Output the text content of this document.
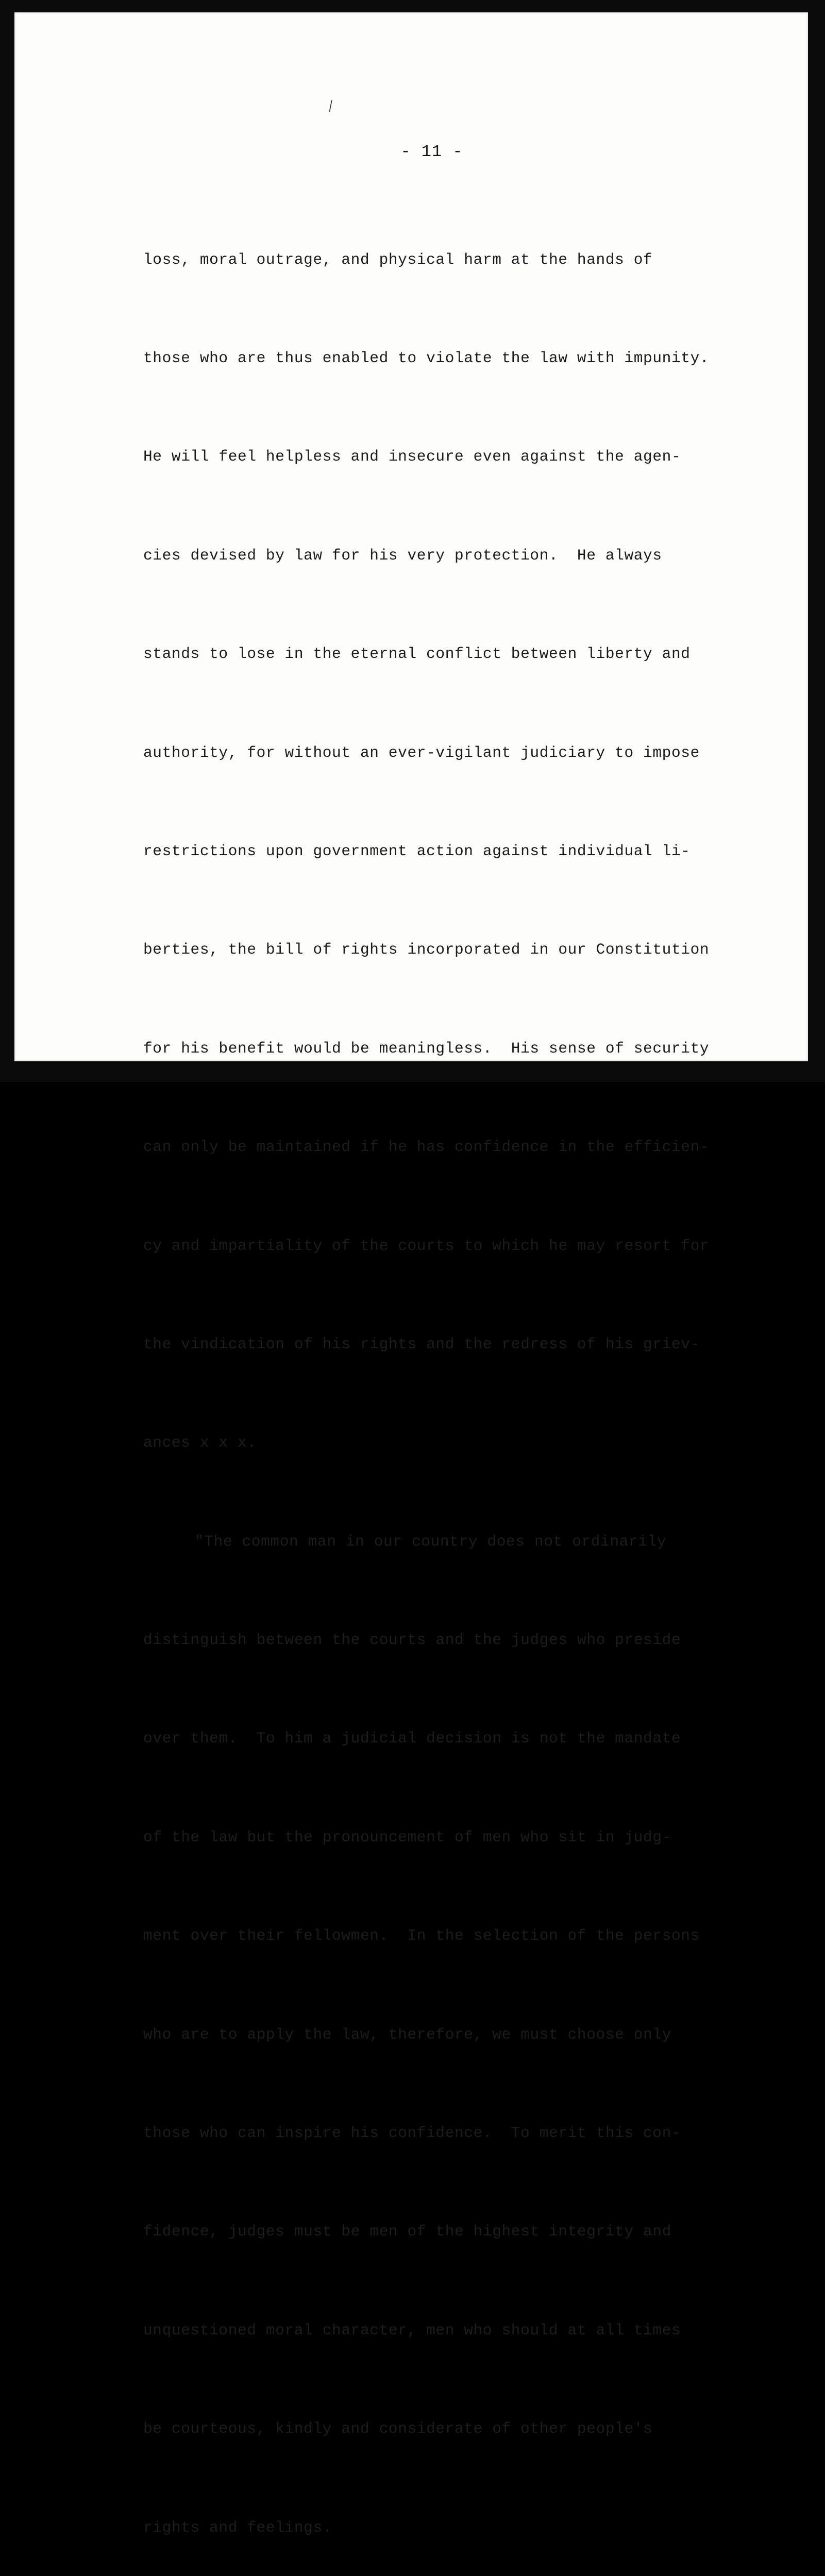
⁄
- 11 -

loss, moral outrage, and physical harm at the hands of

those who are thus enabled to violate the law with impunity.

He will feel helpless and insecure even against the agen-

cies devised by law for his very protection.  He always

stands to lose in the eternal conflict between liberty and

authority, for without an ever-vigilant judiciary to impose

restrictions upon government action against individual li-

berties, the bill of rights incorporated in our Constitution

for his benefit would be meaningless.  His sense of security

can only be maintained if he has confidence in the efficien-

cy and impartiality of the courts to which he may resort for

the vindication of his rights and the redress of his griev-

ances x x x.

"The common man in our country does not ordinarily

distinguish between the courts and the judges who preside

over them.  To him a judicial decision is not the mandate

of the law but the pronouncement of men who sit in judg-

ment over their fellowmen.  In the selection of the persons

who are to apply the law, therefore, we must choose only

those who can inspire his confidence.  To merit this con-

fidence, judges must be men of the highest integrity and

unquestioned moral character, men who should at all times

be courteous, kindly and considerate of other people's

rights and feelings.
